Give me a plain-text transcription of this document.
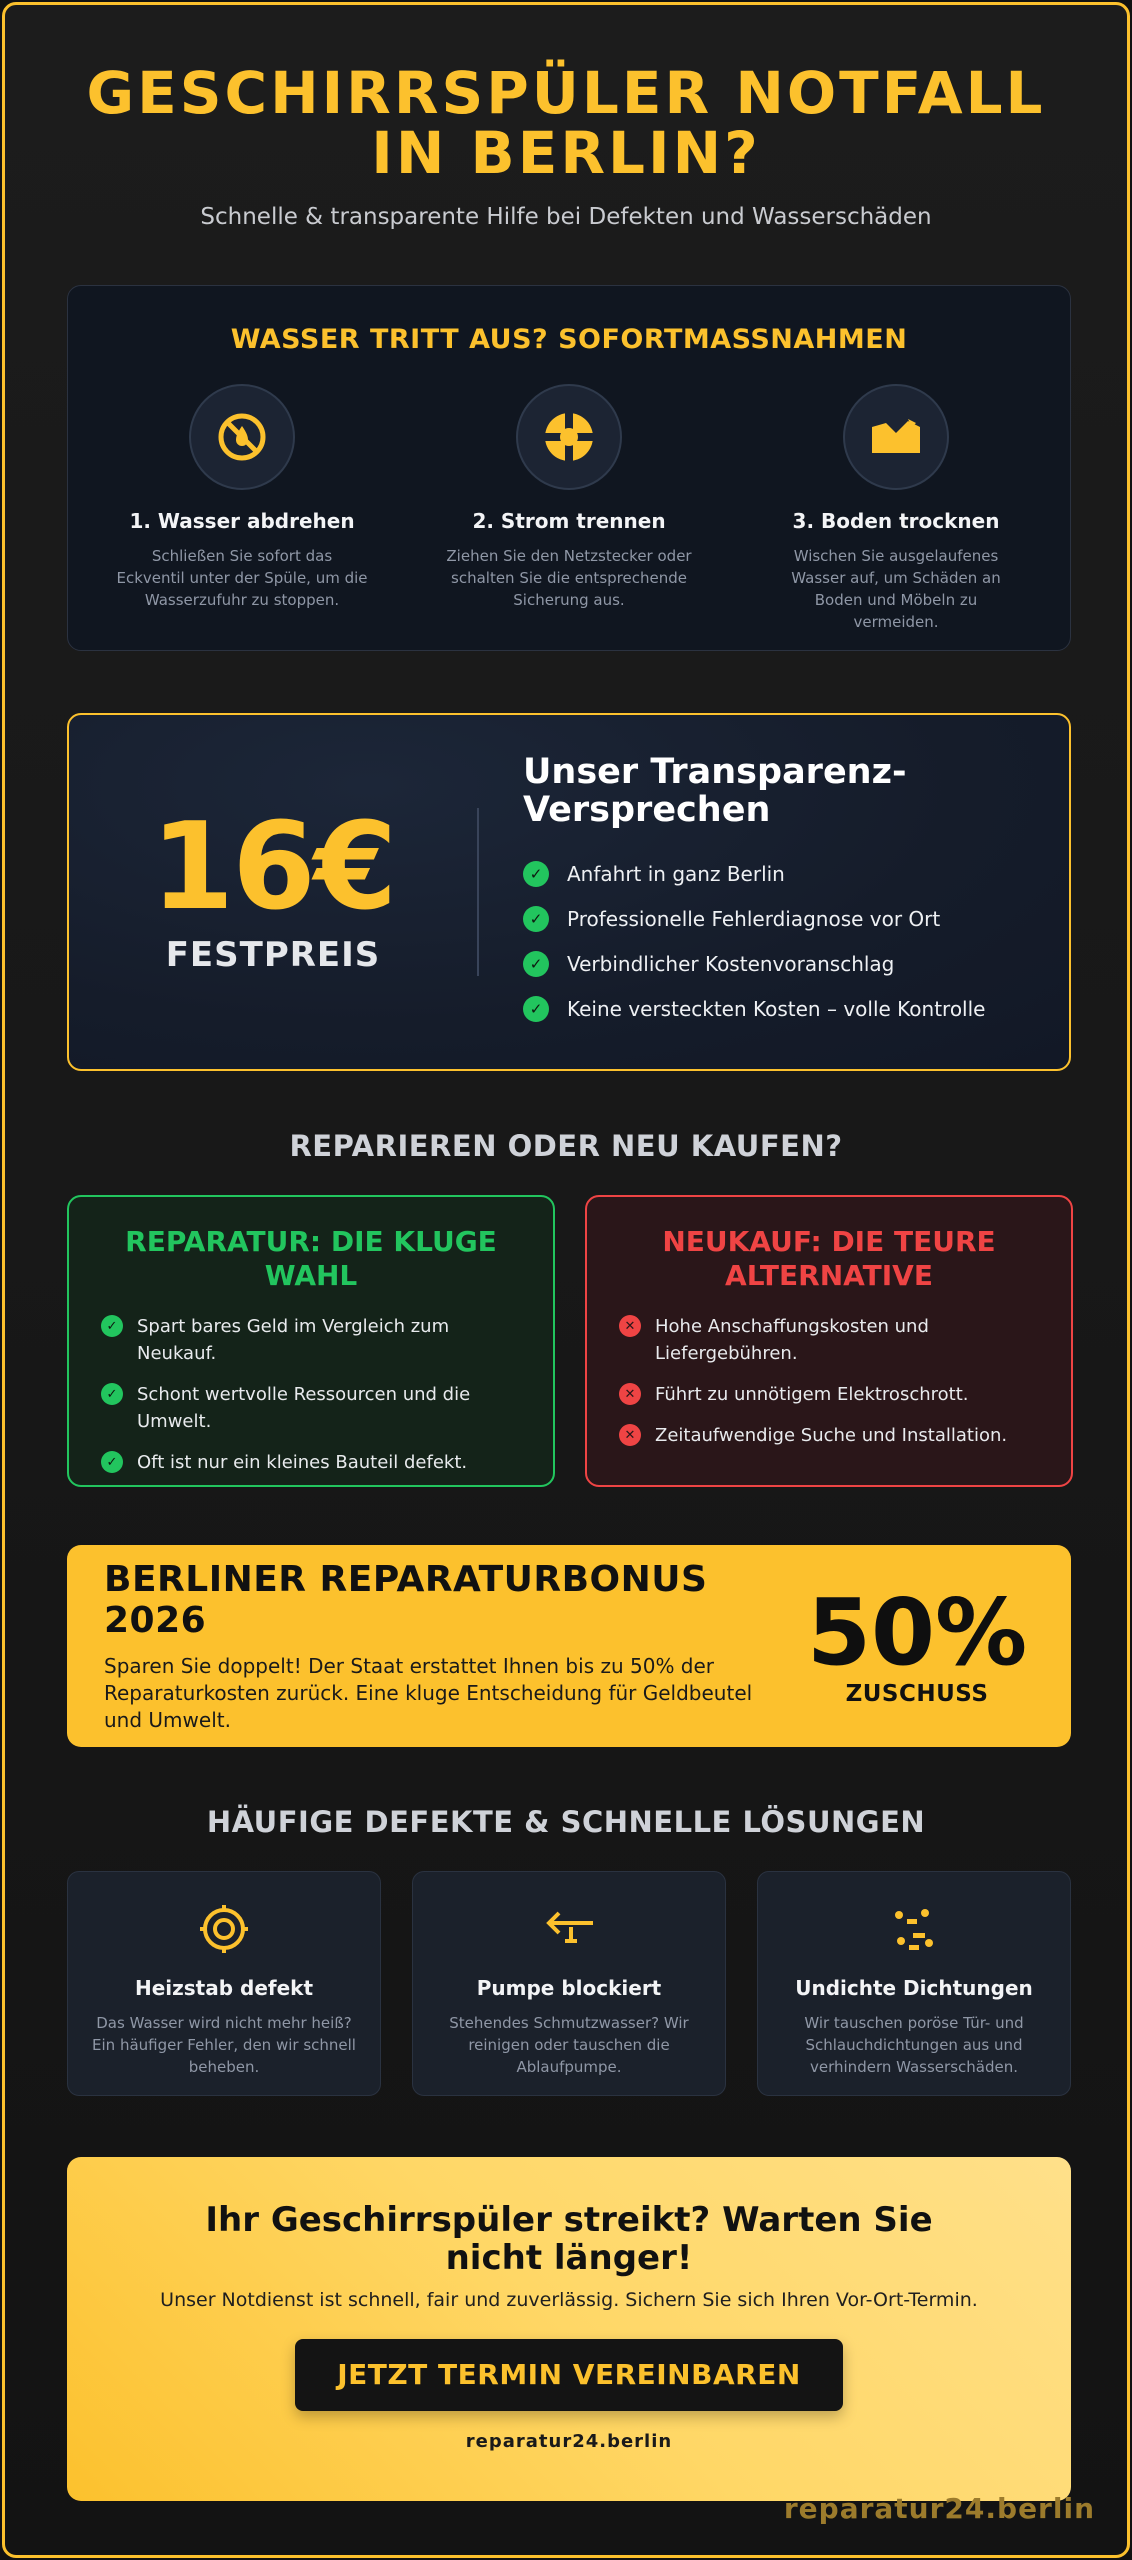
GESCHIRRSPÜLER NOTFALL
IN BERLIN?

Schnelle & transparente Hilfe bei Defekten und Wasserschäden

WASSER TRITT AUS? SOFORTMASSNAHMEN
1. Wasser abdrehen

Schließen Sie sofort das Eckventil unter der Spüle, um die Wasserzufuhr zu stoppen.

2. Strom trennen

Ziehen Sie den Netzstecker oder schalten Sie die entsprechende Sicherung aus.

3. Boden trocknen

Wischen Sie ausgelaufenes Wasser auf, um Schäden an Boden und Möbeln zu vermeiden.

16€
FESTPREIS
Unser Transparenz-Versprechen
✓	Anfahrt in ganz Berlin
✓	Professionelle Fehlerdiagnose vor Ort
✓	Verbindlicher Kostenvoranschlag
✓	Keine versteckten Kosten – volle Kontrolle
REPARIEREN ODER NEU KAUFEN?
REPARATUR: DIE KLUGE WAHL
✓	Spart bares Geld im Vergleich zum Neukauf.
✓	Schont wertvolle Ressourcen und die Umwelt.
✓	Oft ist nur ein kleines Bauteil defekt.
NEUKAUF: DIE TEURE ALTERNATIVE
✕	Hohe Anschaffungskosten und Liefergebühren.
✕	Führt zu unnötigem Elektroschrott.
✕	Zeitaufwendige Suche und Installation.
BERLINER REPARATURBONUS 2026

Sparen Sie doppelt! Der Staat erstattet Ihnen bis zu 50% der Reparaturkosten zurück. Eine kluge Entscheidung für Geldbeutel und Umwelt.

50%
ZUSCHUSS
HÄUFIGE DEFEKTE & SCHNELLE LÖSUNGEN
Heizstab defekt

Das Wasser wird nicht mehr heiß? Ein häufiger Fehler, den wir schnell beheben.

Pumpe blockiert

Stehendes Schmutzwasser? Wir reinigen oder tauschen die Ablaufpumpe.

Undichte Dichtungen

Wir tauschen poröse Tür- und Schlauchdichtungen aus und verhindern Wasserschäden.

Ihr Geschirrspüler streikt? Warten Sie nicht länger!

Unser Notdienst ist schnell, fair und zuverlässig. Sichern Sie sich Ihren Vor-Ort-Termin.

JETZT TERMIN VEREINBAREN
reparatur24.berlin
reparatur24.berlin
